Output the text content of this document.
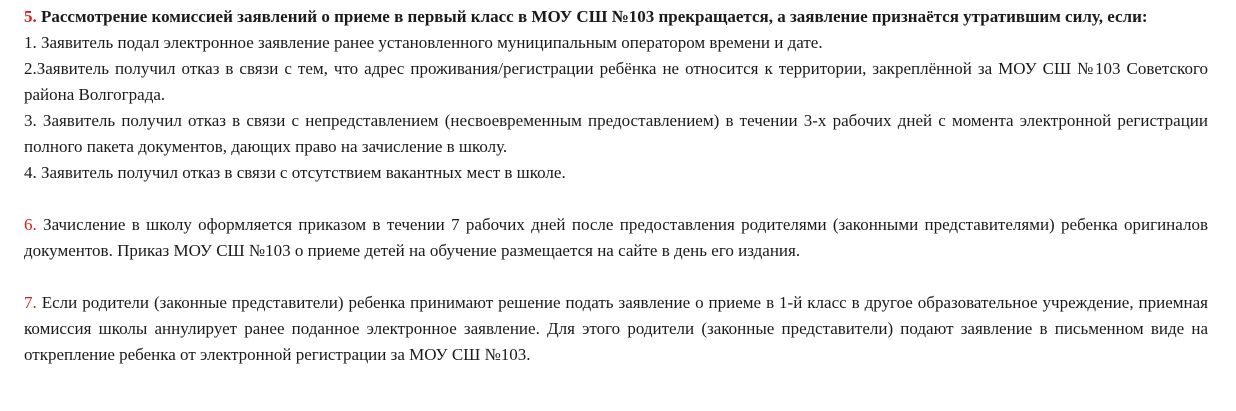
5. Рассмотрение комиссией заявлений о приеме в первый класс в МОУ СШ №103 прекращается, а заявление признаётся утратившим силу, если:

1. Заявитель подал электронное заявление ранее установленного муниципальным оператором времени и дате.

2.Заявитель получил отказ в связи с тем, что адрес проживания/регистрации ребёнка не относится к территории, закреплённой за МОУ СШ №103 Советского района Волгограда.

3. Заявитель получил отказ в связи с непредставлением (несвоевременным предоставлением) в течении 3-х рабочих дней с момента электронной регистрации полного пакета документов, дающих право на зачисление в школу.

4. Заявитель получил отказ в связи с отсутствием вакантных мест в школе.

6. Зачисление в школу оформляется приказом в течении 7 рабочих дней после предоставления родителями (законными представителями) ребенка оригиналов документов. Приказ МОУ СШ №103 о приеме детей на обучение размещается на сайте в день его издания.

7. Если родители (законные представители) ребенка принимают решение подать заявление о приеме в 1-й класс в другое образовательное учреждение, приемная комиссия школы аннулирует ранее поданное электронное заявление. Для этого родители (законные представители) подают заявление в письменном виде на открепление ребенка от электронной регистрации за МОУ СШ №103.
